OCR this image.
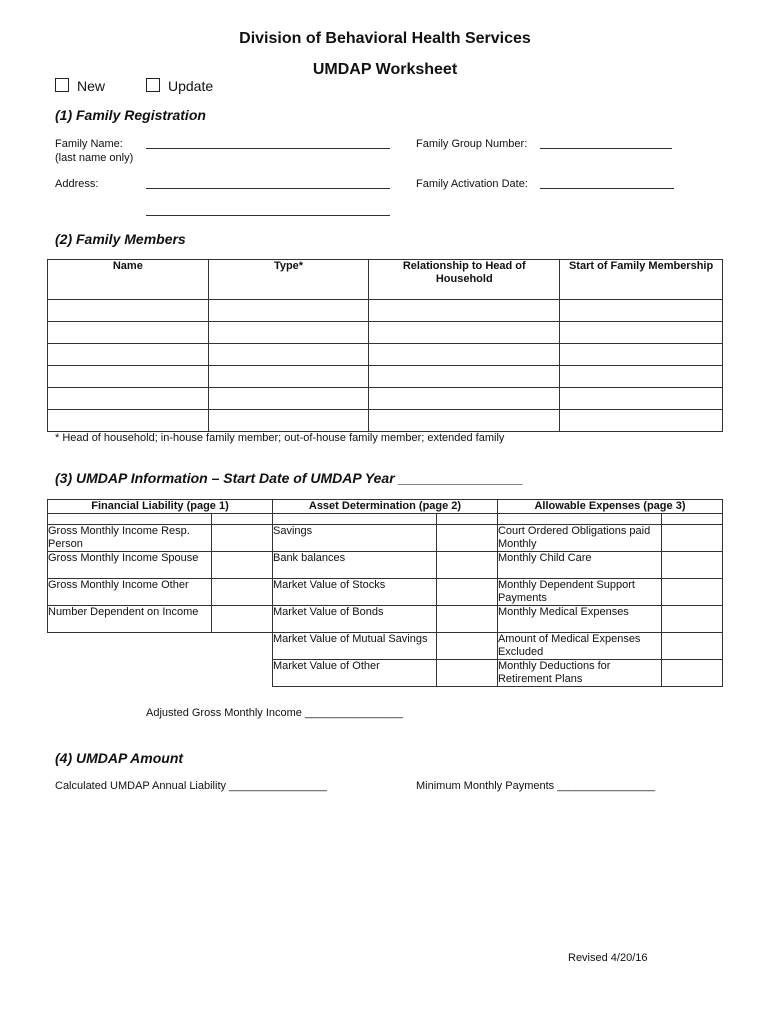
Division of Behavioral Health Services
UMDAP Worksheet
New	Update
(1) Family Registration
Family Name:
(last name only)
Family Group Number:
Address:	Family Activation Date:
(2) Family Members
Name	Type*	Relationship to Head of Household	Start of Family Membership

* Head of household; in-house family member; out-of-house family member; extended family
(3) UMDAP Information – Start Date of UMDAP Year ________________
Financial Liability (page 1)		Asset Determination (page 2)		Allowable Expenses (page 3)	

Gross Monthly Income Resp. Person		Savings		Court Ordered Obligations paid Monthly	
Gross Monthly Income Spouse		Bank balances		Monthly Child Care	
Gross Monthly Income Other		Market Value of Stocks		Monthly Dependent Support Payments	
Number Dependent on Income		Market Value of Bonds		Monthly Medical Expenses	
		Market Value of Mutual Savings		Amount of Medical Expenses Excluded	
		Market Value of Other		Monthly Deductions for Retirement Plans	
Adjusted Gross Monthly Income ________________
(4) UMDAP Amount
Calculated UMDAP Annual Liability ________________	Minimum Monthly Payments ________________
Revised 4/20/16
